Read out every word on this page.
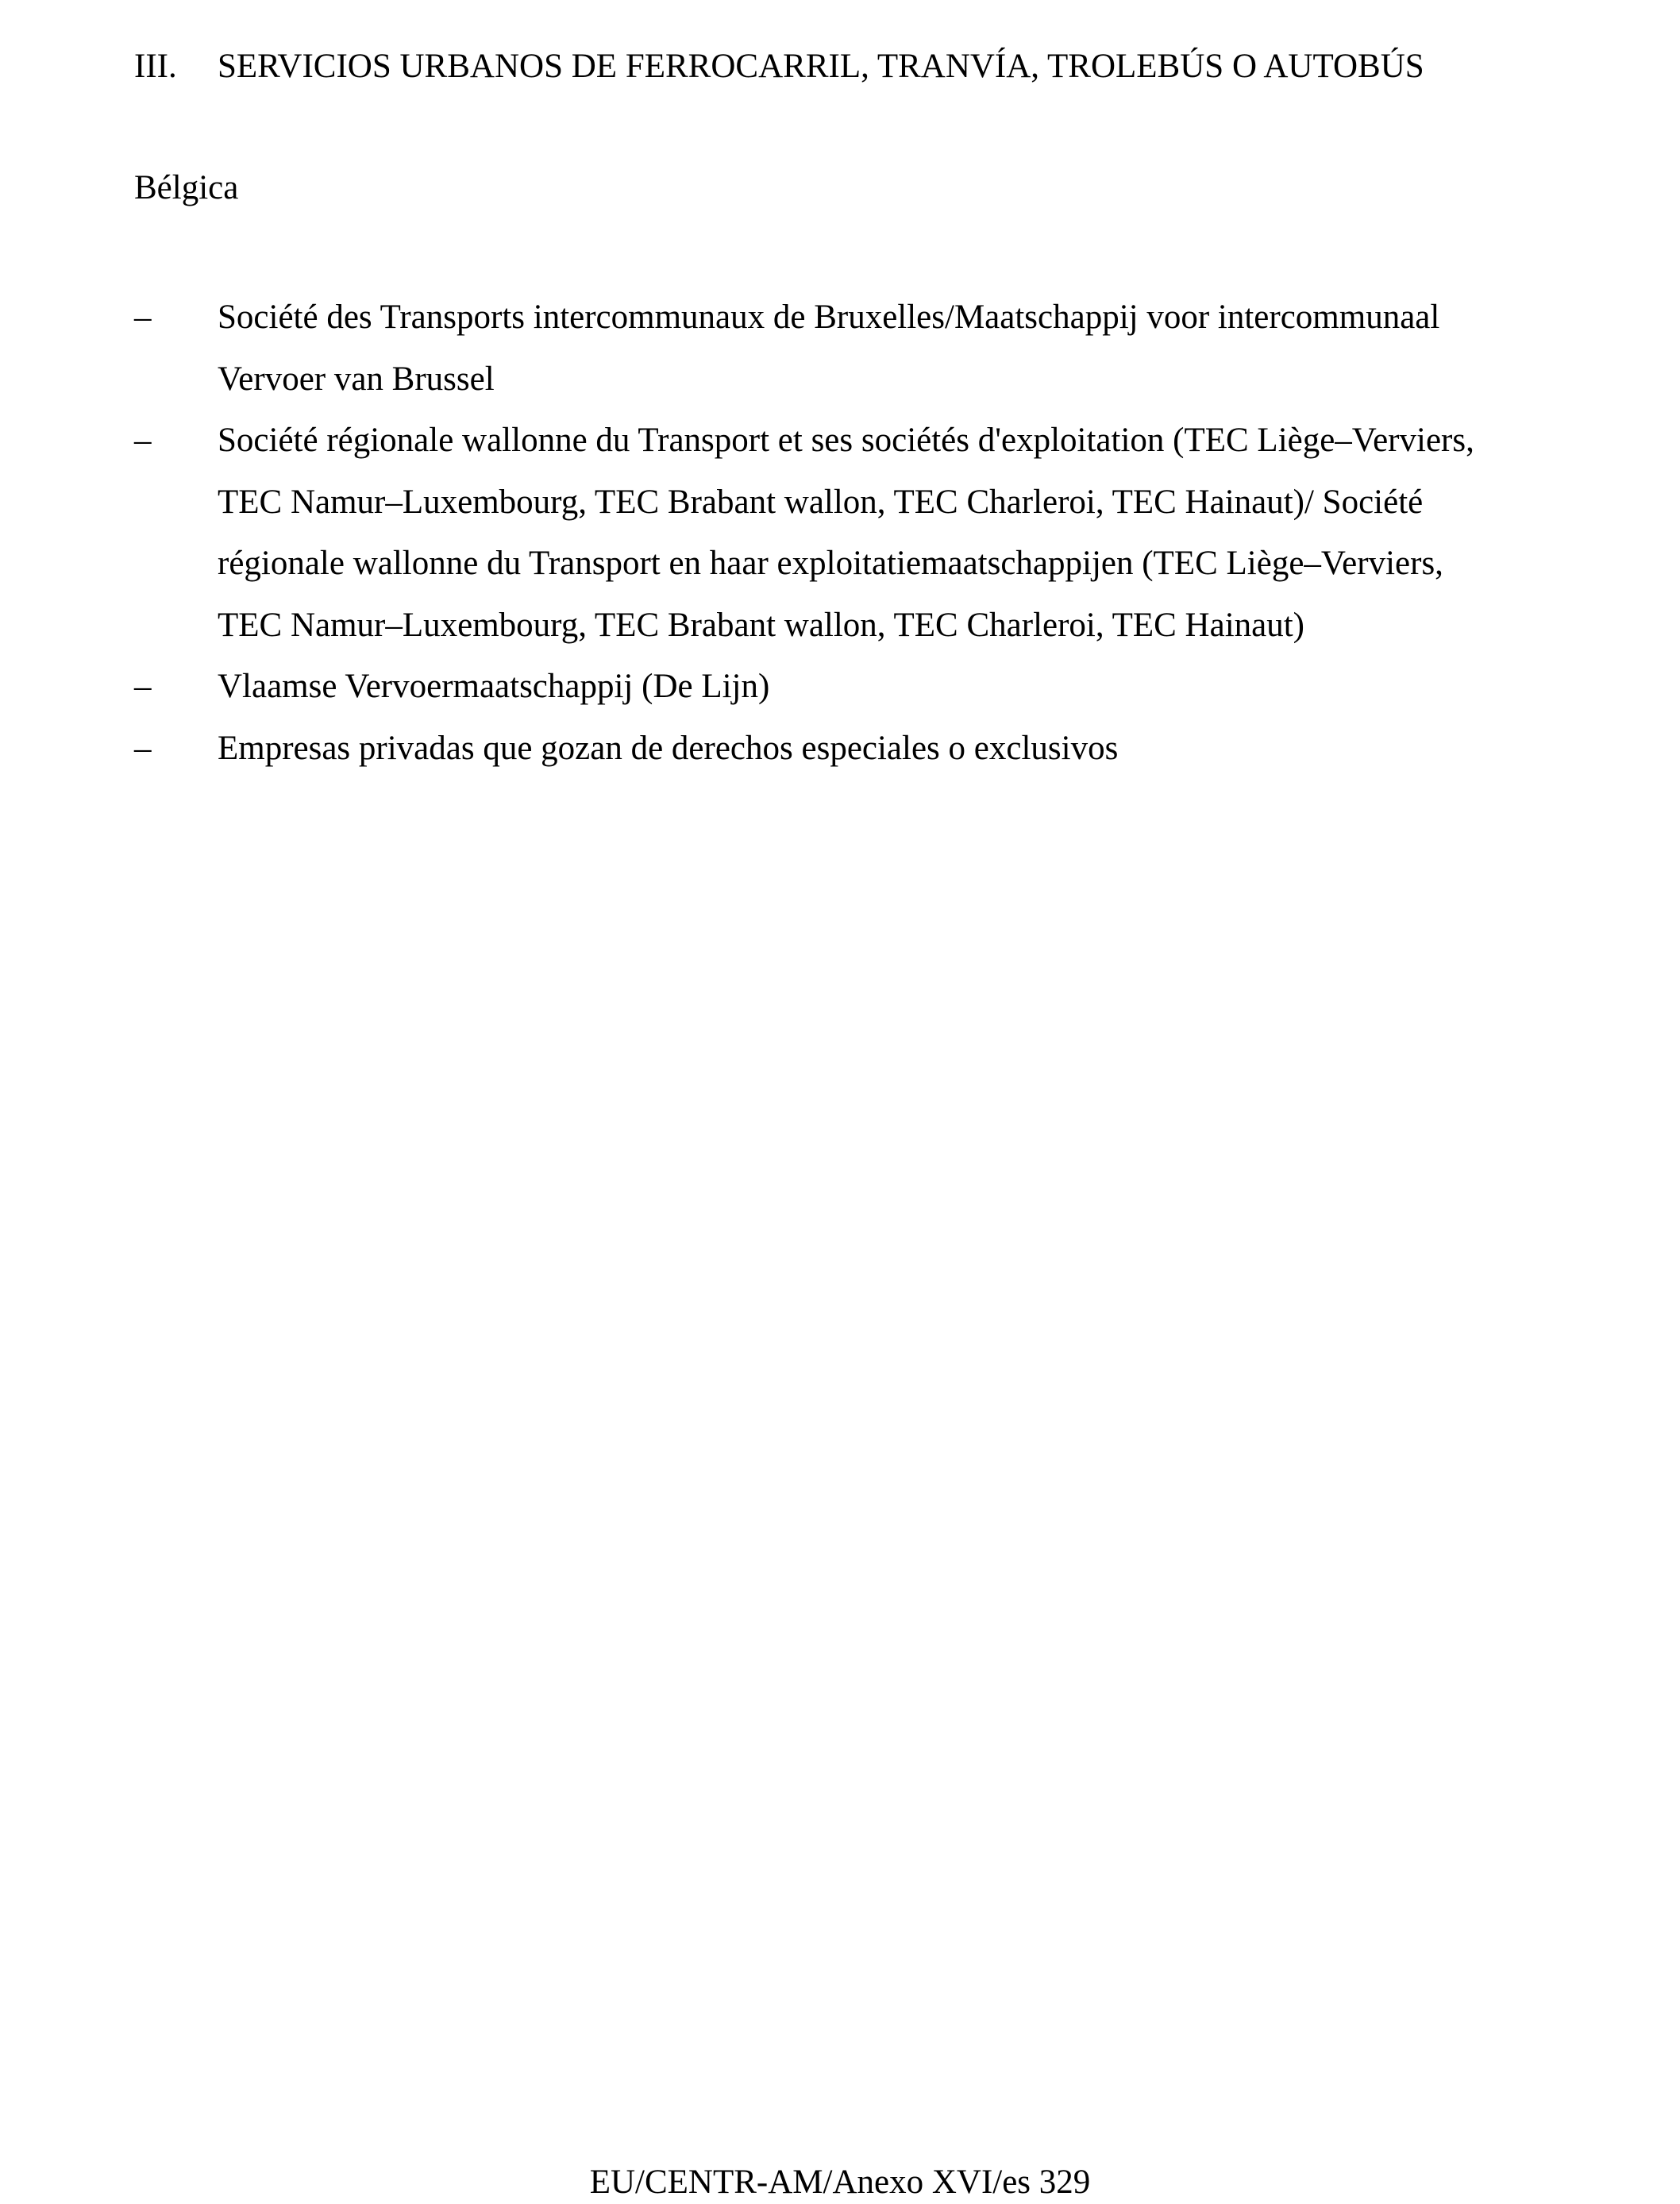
III. SERVICIOS URBANOS DE FERROCARRIL, TRANVÍA, TROLEBÚS O AUTOBÚS
Bélgica
– Société des Transports intercommunaux de Bruxelles/Maatschappij voor intercommunaal
Vervoer van Brussel
– Société régionale wallonne du Transport et ses sociétés d'exploitation (TEC Liège–Verviers,
TEC Namur–Luxembourg, TEC Brabant wallon, TEC Charleroi, TEC Hainaut)/ Société
régionale wallonne du Transport en haar exploitatiemaatschappijen (TEC Liège–Verviers,
TEC Namur–Luxembourg, TEC Brabant wallon, TEC Charleroi, TEC Hainaut)
– Vlaamse Vervoermaatschappij (De Lijn)
– Empresas privadas que gozan de derechos especiales o exclusivos
EU/CENTR-AM/Anexo XVI/es 329
